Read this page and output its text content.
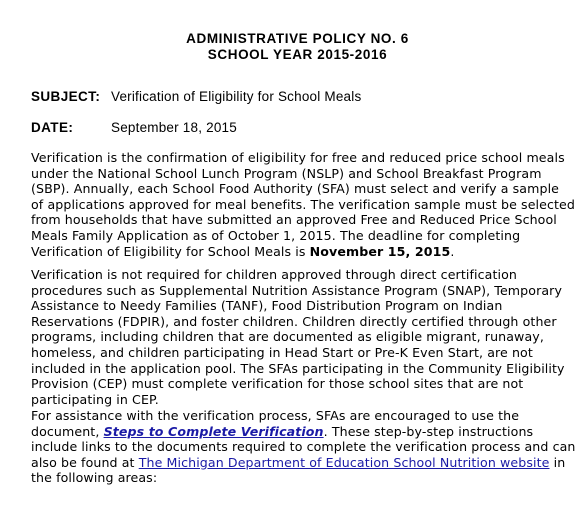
ADMINISTRATIVE POLICY NO. 6
SCHOOL YEAR 2015-2016
SUBJECT: Verification of Eligibility for School Meals
DATE:	September 18, 2015
Verification is the confirmation of eligibility for free and reduced price school meals
under the National School Lunch Program (NSLP) and School Breakfast Program
(SBP). Annually, each School Food Authority (SFA) must select and verify a sample
of applications approved for meal benefits. The verification sample must be selected
from households that have submitted an approved Free and Reduced Price School
Meals Family Application as of October 1, 2015. The deadline for completing
Verification of Eligibility for School Meals is November 15, 2015.
Verification is not required for children approved through direct certification
procedures such as Supplemental Nutrition Assistance Program (SNAP), Temporary
Assistance to Needy Families (TANF), Food Distribution Program on Indian
Reservations (FDPIR), and foster children. Children directly certified through other
programs, including children that are documented as eligible migrant, runaway,
homeless, and children participating in Head Start or Pre-K Even Start, are not
included in the application pool. The SFAs participating in the Community Eligibility
Provision (CEP) must complete verification for those school sites that are not
participating in CEP.
For assistance with the verification process, SFAs are encouraged to use the
document, Steps to Complete Verification. These step-by-step instructions
include links to the documents required to complete the verification process and can
also be found at The Michigan Department of Education School Nutrition website in
the following areas:
